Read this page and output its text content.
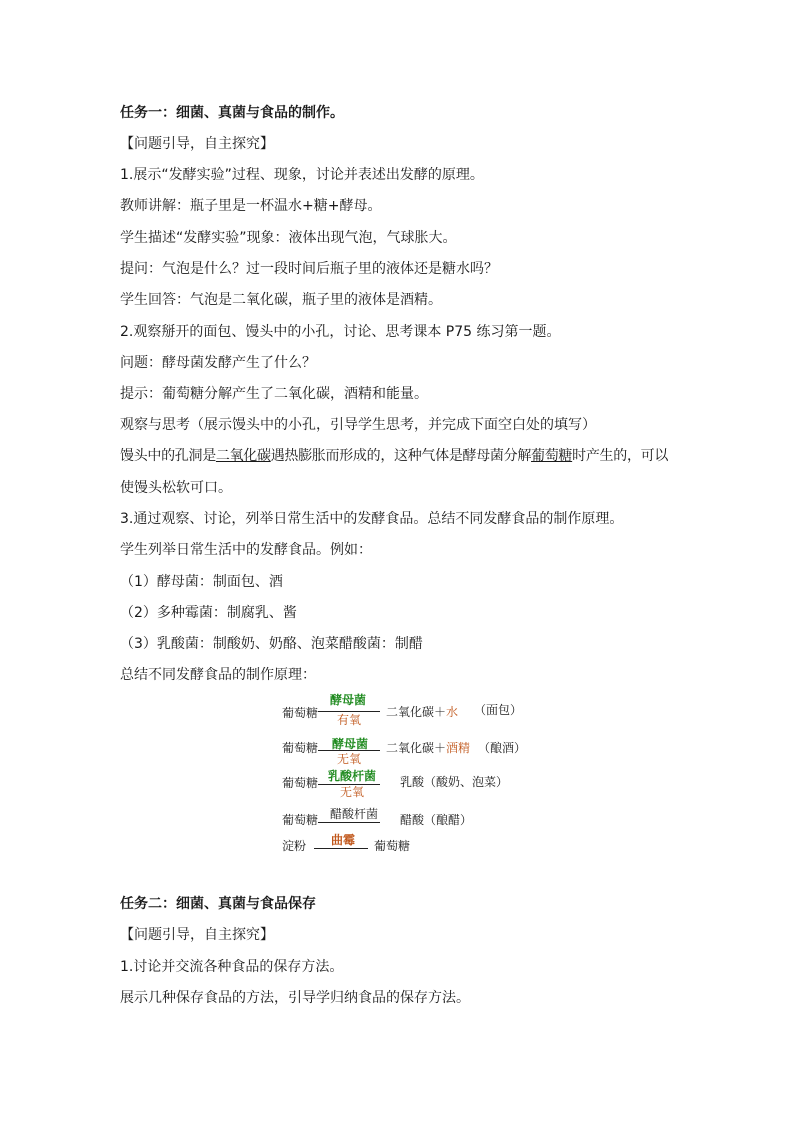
任务一：细菌、真菌与食品的制作。
【问题引导，自主探究】
1.展示“发酵实验”过程、现象，讨论并表述出发酵的原理。
教师讲解：瓶子里是一杯温水+糖+酵母。
学生描述“发酵实验”现象：液体出现气泡，气球胀大。
提问：气泡是什么？过一段时间后瓶子里的液体还是糖水吗？
学生回答：气泡是二氧化碳，瓶子里的液体是酒精。
2.观察掰开的面包、馒头中的小孔，讨论、思考课本 P75 练习第一题。
问题：酵母菌发酵产生了什么？
提示：葡萄糖分解产生了二氧化碳，酒精和能量。
观察与思考（展示馒头中的小孔，引导学生思考，并完成下面空白处的填写）
馒头中的孔洞是二氧化碳遇热膨胀而形成的，这种气体是酵母菌分解葡萄糖时产生的，可以
使馒头松软可口。
3.通过观察、讨论，列举日常生活中的发酵食品。总结不同发酵食品的制作原理。
学生列举日常生活中的发酵食品。例如：
（1）酵母菌：制面包、酒
（2）多种霉菌：制腐乳、酱
（3）乳酸菌：制酸奶、奶酪、泡菜醋酸菌：制醋
总结不同发酵食品的制作原理：
葡萄糖
酵母菌
有氧
二氧化碳＋水 （面包）
葡萄糖 酵母菌
无氧
二氧化碳＋酒精 （酿酒）
葡萄糖 乳酸杆菌
无氧
乳酸（酸奶、泡菜）
葡萄糖 醋酸杆菌 醋酸（酿醋）
淀粉 曲霉 葡萄糖
任务二：细菌、真菌与食品保存
【问题引导，自主探究】
1.讨论并交流各种食品的保存方法。
展示几种保存食品的方法，引导学归纳食品的保存方法。
